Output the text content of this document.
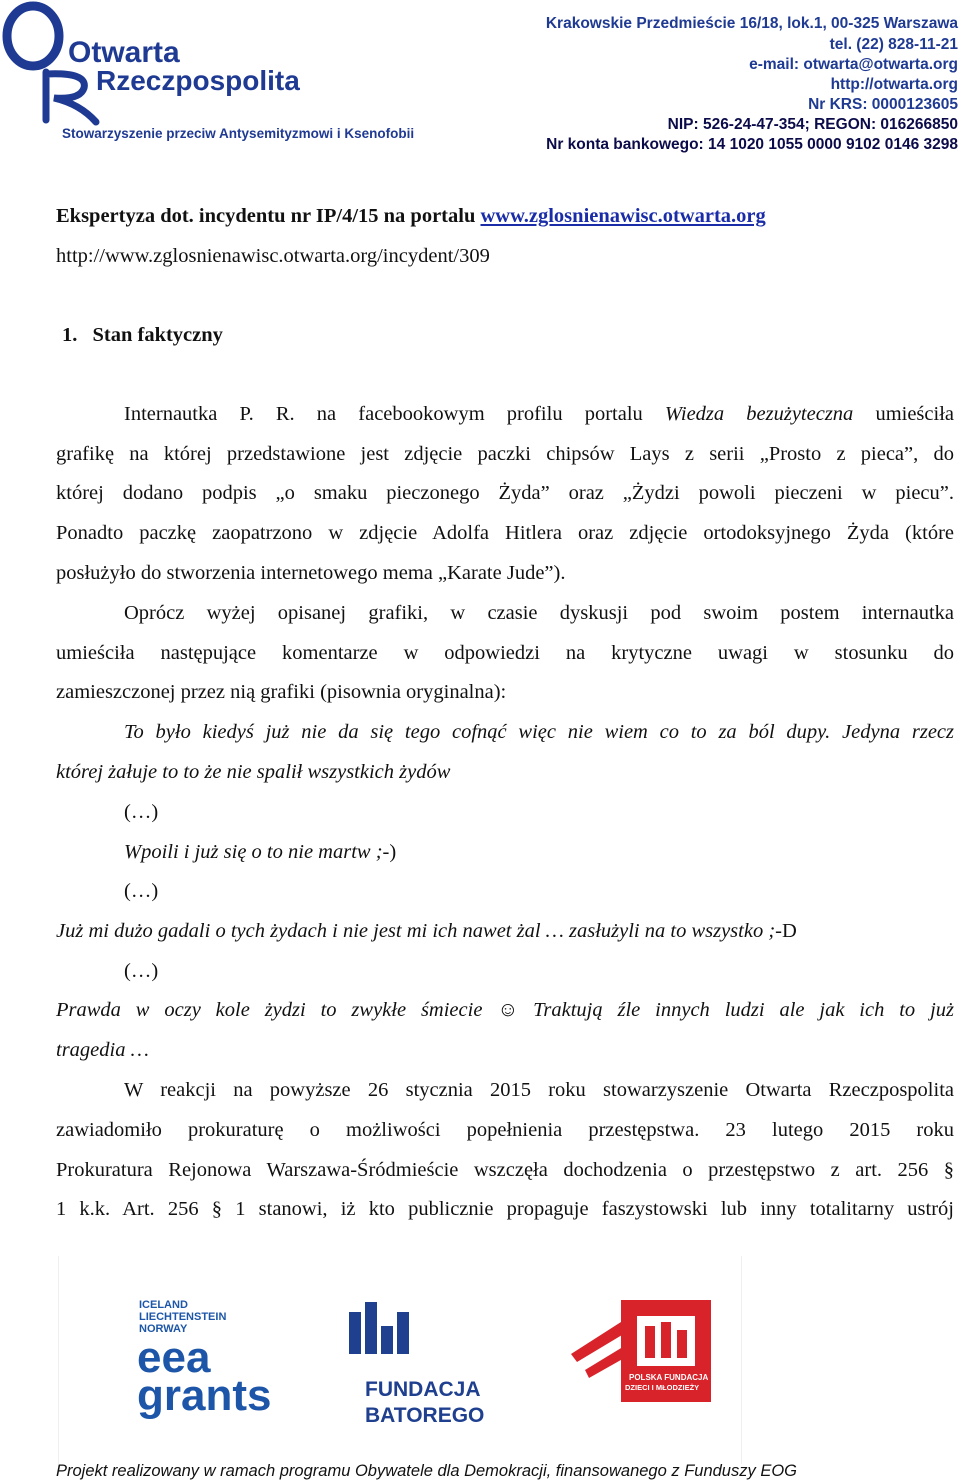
Otwarta
Rzeczpospolita
Stowarzyszenie przeciw Antysemityzmowi i Ksenofobii
Krakowskie Przedmieście 16/18, lok.1, 00-325 Warszawa
tel. (22) 828-11-21
e-mail: otwarta@otwarta.org
http://otwarta.org
Nr KRS: 0000123605
NIP: 526-24-47-354; REGON: 016266850
Nr konta bankowego: 14 1020 1055 0000 9102 0146 3298
Ekspertyza dot. incydentu nr IP/4/15 na portalu www.zglosnienawisc.otwarta.org
http://www.zglosnienawisc.otwarta.org/incydent/309
1. Stan faktyczny
Internautka P. R. na facebookowym profilu portalu Wiedza bezużyteczna umieściła
grafikę na której przedstawione jest zdjęcie paczki chipsów Lays z serii „Prosto z pieca”, do
której dodano podpis „o smaku pieczonego Żyda” oraz „Żydzi powoli pieczeni w piecu”.
Ponadto paczkę zaopatrzono w zdjęcie Adolfa Hitlera oraz zdjęcie ortodoksyjnego Żyda (które
posłużyło do stworzenia internetowego mema „Karate Jude”).
Oprócz wyżej opisanej grafiki, w czasie dyskusji pod swoim postem internautka
umieściła następujące komentarze w odpowiedzi na krytyczne uwagi w stosunku do
zamieszczonej przez nią grafiki (pisownia oryginalna):
To było kiedyś już nie da się tego cofnąć więc nie wiem co to za ból dupy. Jedyna rzecz
której żałuje to to że nie spalił wszystkich żydów
(…)
Wpoili i już się o to nie martw ;-)
(…)
Już mi dużo gadali o tych żydach i nie jest mi ich nawet żal … zasłużyli na to wszystko ;-D
(…)
Prawda w oczy kole żydzi to zwykłe śmiecie ☺ Traktują źle innych ludzi ale jak ich to już
tragedia …
W reakcji na powyższe 26 stycznia 2015 roku stowarzyszenie Otwarta Rzeczpospolita
zawiadomiło prokuraturę o możliwości popełnienia przestępstwa. 23 lutego 2015 roku
Prokuratura Rejonowa Warszawa-Śródmieście wszczęła dochodzenia o przestępstwo z art. 256 §
1 k.k. Art. 256 § 1 stanowi, iż kto publicznie propaguje faszystowski lub inny totalitarny ustrój
ICELAND
LIECHTENSTEIN
NORWAY
eea
grants	FUNDACJA
BATOREGO
POLSKA FUNDACJA
DZIECI I MŁODZIEŻY
Projekt realizowany w ramach programu Obywatele dla Demokracji, finansowanego z Funduszy EOG
